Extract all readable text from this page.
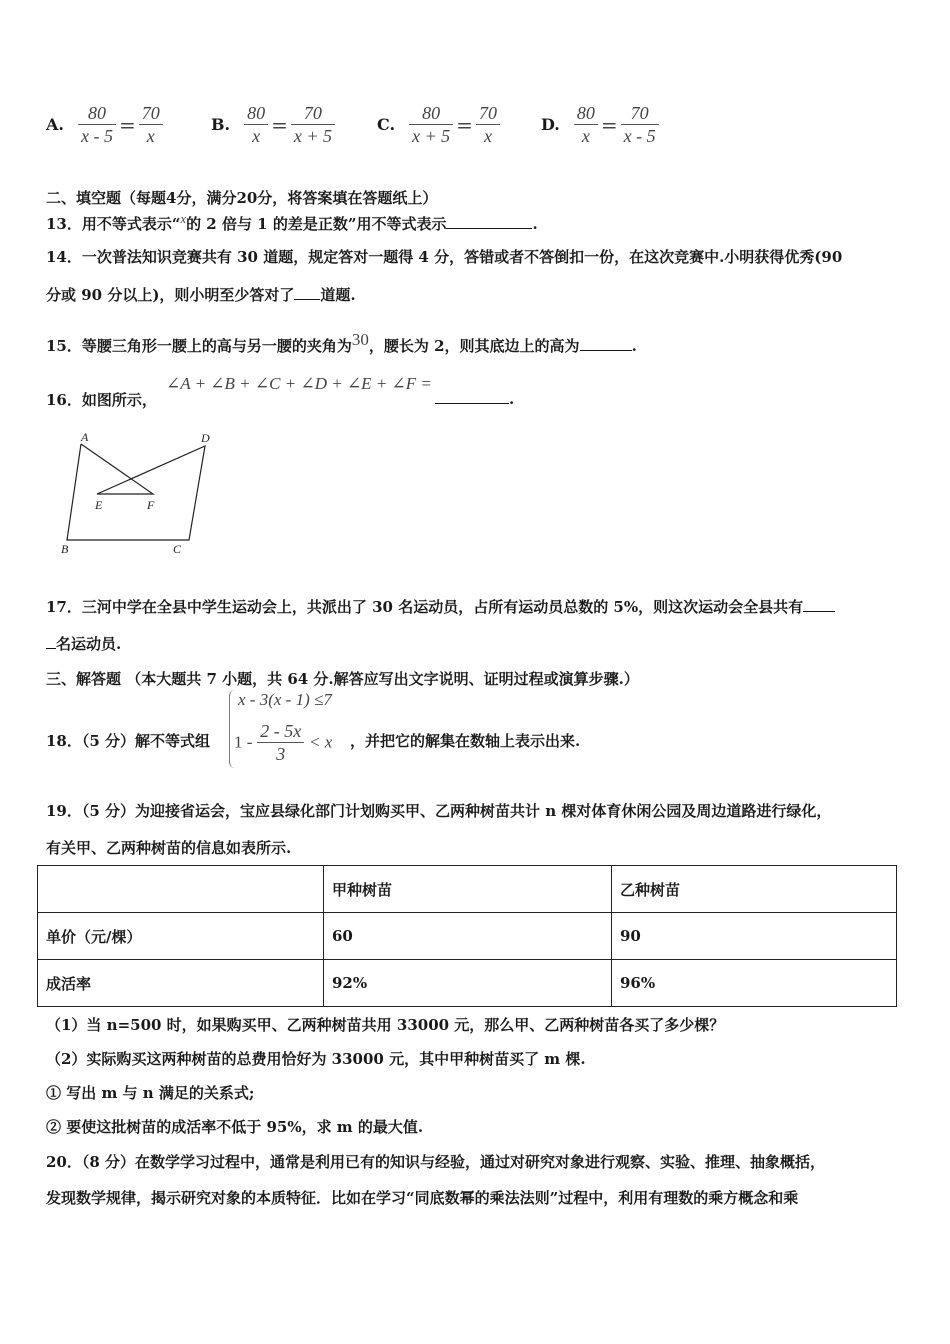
A. $\frac{80}{x - 5} = \frac{70}{x}$	B. $\frac{80}{x} = \frac{70}{x + 5}$	C. $\frac{80}{x + 5} = \frac{70}{x}$	D. $\frac{80}{x} = \frac{70}{x - 5}$
二、填空题（每题4分，满分20分，将答案填在答题纸上）
13．用不等式表示“$^x$的 2 倍与 1 的差是正数”用不等式表示	.
14．一次普法知识竞赛共有 30 道题，规定答对一题得 4 分，答错或者不答倒扣一份，在这次竞赛中.小明获得优秀(90
分或 90 分以上)，则小明至少答对了 道题.
15．等腰三角形一腰上的高与另一腰的夹角为$^{30}$，腰长为 2，则其底边上的高为	.
16．如图所示，
∠A + ∠B + ∠C + ∠D + ∠E + ∠F =
.
A	D
E	F
B	C
17．三河中学在全县中学生运动会上，共派出了 30 名运动员，占所有运动员总数的 5%，则这次运动会全县共有
名运动员.
三、解答题 （本大题共 7 小题，共 64 分.解答应写出文字说明、证明过程或演算步骤.）
18．（5 分）解不等式组
x - 3(x - 1) ≤7
$1 - \frac{2 - 5x}{3} < x$ ，并把它的解集在数轴上表示出来.
19．（5 分）为迎接省运会，宝应县绿化部门计划购买甲、乙两种树苗共计 n 棵对体育休闲公园及周边道路进行绿化，
有关甲、乙两种树苗的信息如表所示.
	甲种树苗	乙种树苗
单价（元/棵）	60	90
成活率	92%	96%
（1）当 n=500 时，如果购买甲、乙两种树苗共用 33000 元，那么甲、乙两种树苗各买了多少棵？
（2）实际购买这两种树苗的总费用恰好为 33000 元，其中甲种树苗买了 m 棵.
① 写出 m 与 n 满足的关系式;
② 要使这批树苗的成活率不低于 95%，求 m 的最大值.
20．（8 分）在数学学习过程中，通常是利用已有的知识与经验，通过对研究对象进行观察、实验、推理、抽象概括，
发现数学规律，揭示研究对象的本质特征．比如在学习“同底数幂的乘法法则”过程中，利用有理数的乘方概念和乘
